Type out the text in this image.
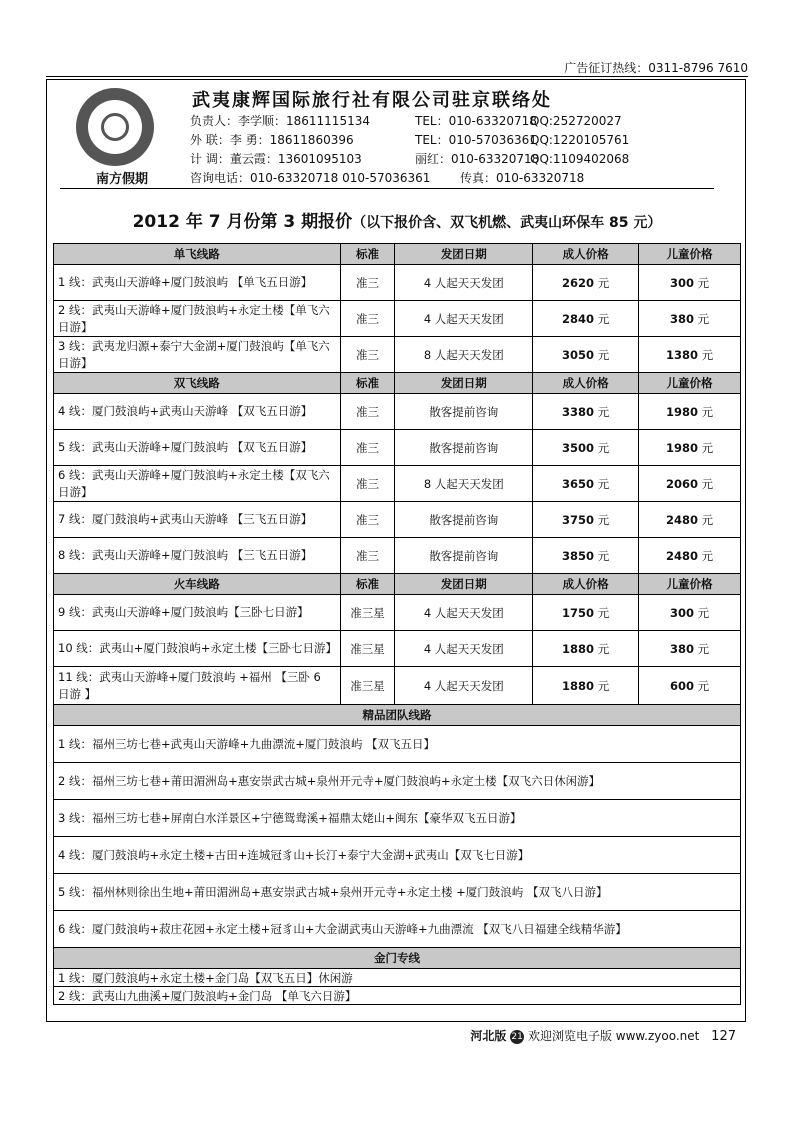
广告征订热线：0311-8796 7610
南方假期
武夷康辉国际旅行社有限公司驻京联络处
负责人：李学顺：18611115134	TEL：010-63320718QQ:252720027
外 联：李 勇：18611860396	TEL：010-57036361QQ:1220105761
计 调：董云霞：13601095103	丽红：010-63320718QQ:1109402068
咨询电话：010-63320718 010-57036361 传真：010-63320718
2012 年 7 月份第 3 期报价（以下报价含、双飞机燃、武夷山环保车 85 元）
单飞线路	标准	发团日期	成人价格	儿童价格
1 线：武夷山天游峰+厦门鼓浪屿 【单飞五日游】	准三	4 人起天天发团	2620 元	300 元
2 线：武夷山天游峰+厦门鼓浪屿+永定土楼【单飞六日游】	准三	4 人起天天发团	2840 元	380 元
3 线：武夷龙归源+泰宁大金湖+厦门鼓浪屿【单飞六日游】	准三	8 人起天天发团	3050 元	1380 元
双飞线路	标准	发团日期	成人价格	儿童价格
4 线：厦门鼓浪屿+武夷山天游峰 【双飞五日游】	准三	散客提前咨询	3380 元	1980 元
5 线：武夷山天游峰+厦门鼓浪屿 【双飞五日游】	准三	散客提前咨询	3500 元	1980 元
6 线：武夷山天游峰+厦门鼓浪屿+永定土楼【双飞六日游】	准三	8 人起天天发团	3650 元	2060 元
7 线：厦门鼓浪屿+武夷山天游峰 【三飞五日游】	准三	散客提前咨询	3750 元	2480 元
8 线：武夷山天游峰+厦门鼓浪屿 【三飞五日游】	准三	散客提前咨询	3850 元	2480 元
火车线路	标准	发团日期	成人价格	儿童价格
9 线：武夷山天游峰+厦门鼓浪屿【三卧七日游】	准三星	4 人起天天发团	1750 元	300 元
10 线：武夷山+厦门鼓浪屿+永定土楼【三卧七日游】	准三星	4 人起天天发团	1880 元	380 元
11 线：武夷山天游峰+厦门鼓浪屿 +福州 【三卧 6 日游 】	准三星	4 人起天天发团	1880 元	600 元
精品团队线路				
1 线：福州三坊七巷+武夷山天游峰+九曲漂流+厦门鼓浪屿 【双飞五日】				
2 线：福州三坊七巷+莆田湄洲岛+惠安崇武古城+泉州开元寺+厦门鼓浪屿+永定土楼【双飞六日休闲游】				
3 线：福州三坊七巷+屏南白水洋景区+宁德鸳鸯溪+福鼎太姥山+闽东【豪华双飞五日游】				
4 线：厦门鼓浪屿+永定土楼+古田+连城冠豸山+长汀+泰宁大金湖+武夷山【双飞七日游】				
5 线：福州林则徐出生地+莆田湄洲岛+惠安崇武古城+泉州开元寺+永定土楼 +厦门鼓浪屿 【双飞八日游】				
6 线：厦门鼓浪屿+菽庄花园+永定土楼+冠豸山+大金湖武夷山天游峰+九曲漂流 【双飞八日福建全线精华游】				
金门专线				
1 线：厦门鼓浪屿+永定土楼+金门岛【双飞五日】休闲游				
2 线：武夷山九曲溪+厦门鼓浪屿+金门岛 【单飞六日游】				
河北版 21 欢迎浏览电子版 www.zyoo.net 127
